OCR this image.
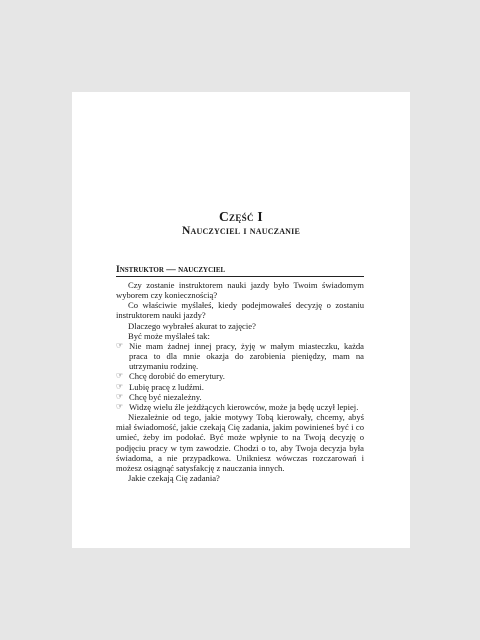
Część I
Nauczyciel i nauczanie
Instruktor — nauczyciel

Czy zostanie instruktorem nauki jazdy było Twoim świadomym wyborem czy koniecznością?

Co właściwie myślałeś, kiedy podejmowałeś decyzję o zostaniu instruktorem nauki jazdy?

Dlaczego wybrałeś akurat to zajęcie?

Być może myślałeś tak:

☞ Nie mam żadnej innej pracy, żyję w małym miasteczku, każda praca to dla mnie okazja do zarobienia pieniędzy, mam na utrzymaniu rodzinę.
☞ Chcę dorobić do emerytury.
☞ Lubię pracę z ludźmi.
☞ Chcę być niezależny.
☞ Widzę wielu źle jeżdżących kierowców, może ja będę uczył lepiej.

Niezależnie od tego, jakie motywy Tobą kierowały, chcemy, abyś miał świadomość, jakie czekają Cię zadania, jakim powinieneś być i co umieć, żeby im podołać. Być może wpłynie to na Twoją decyzję o podjęciu pracy w tym zawodzie. Chodzi o to, aby Twoja decyzja była świadoma, a nie przypadkowa. Unikniesz wówczas rozczarowań i możesz osiągnąć satysfakcję z nauczania innych.

Jakie czekają Cię zadania?
